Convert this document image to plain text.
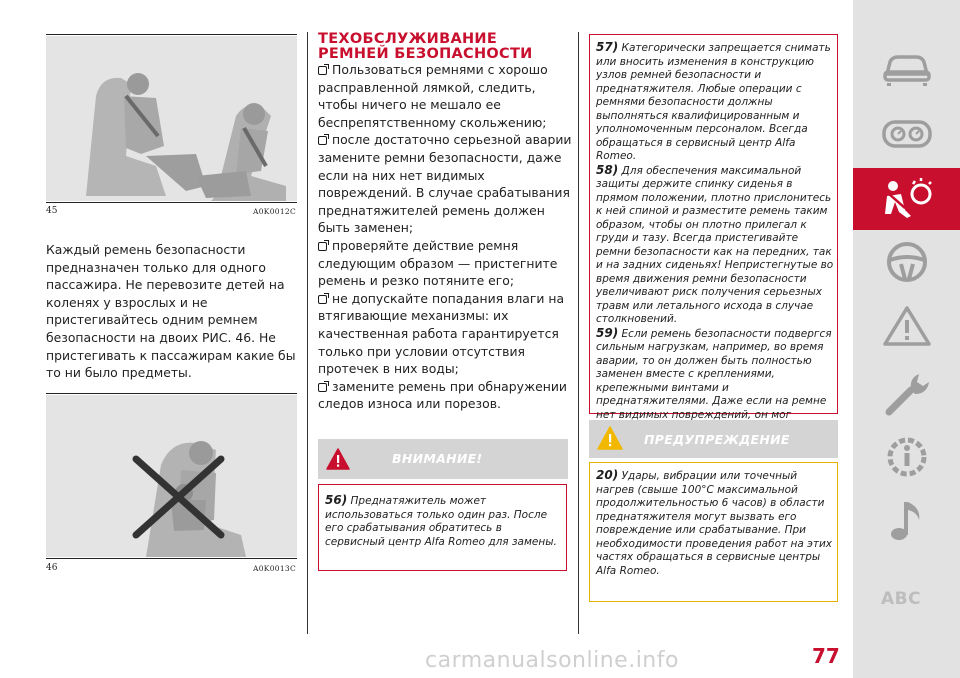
45	A0K0012C
Каждый ремень безопасности предназначен только для одного пассажира. Не перевозите детей на коленях у взрослых и не пристегивайтесь одним ремнем безопасности на двоих РИС. 46. Не пристегивать к пассажирам какие бы то ни было предметы.
46	A0K0013C
ТЕХОБСЛУЖИВАНИЕ РЕМНЕЙ БЕЗОПАСНОСТИ
Пользоваться ремнями с хорошо расправленной лямкой, следить, чтобы ничего не мешало ее беспрепятственному скольжению;
после достаточно серьезной аварии замените ремни безопасности, даже если на них нет видимых повреждений. В случае срабатывания преднатяжителей ремень должен быть заменен;
проверяйте действие ремня следующим образом — пристегните ремень и резко потяните его;
не допускайте попадания влаги на втягивающие механизмы: их качественная работа гарантируется только при условии отсутствия протечек в них воды;
замените ремень при обнаружении следов износа или порезов.
ВНИМАНИЕ!
56) Преднатяжитель может использоваться только один раз. После его срабатывания обратитесь в сервисный центр Alfa Romeo для замены.
57) Категорически запрещается снимать или вносить изменения в конструкцию узлов ремней безопасности и преднатяжителя. Любые операции с ремнями безопасности должны выполняться квалифицированным и уполномоченным персоналом. Всегда обращаться в сервисный центр Alfa Romeo.
58) Для обеспечения максимальной защиты держите спинку сиденья в прямом положении, плотно прислонитесь к ней спиной и разместите ремень таким образом, чтобы он плотно прилегал к груди и тазу. Всегда пристегивайте ремни безопасности как на передних, так и на задних сиденьях! Непристегнутые во время движения ремни безопасности увеличивают риск получения серьезных травм или летального исхода в случае столкновений.
59) Если ремень безопасности подвергся сильным нагрузкам, например, во время аварии, то он должен быть полностью заменен вместе с креплениями, крепежными винтами и преднатяжителями. Даже если на ремне нет видимых повреждений, он мог
ПРЕДУПРЕЖДЕНИЕ
20) Удары, вибрации или точечный нагрев (свыше 100°C максимальной продолжительностью 6 часов) в области преднатяжителя могут вызвать его повреждение или срабатывание. При необходимости проведения работ на этих частях обращаться в сервисные центры Alfa Romeo.
carmanualsonline.info	77
ABC
